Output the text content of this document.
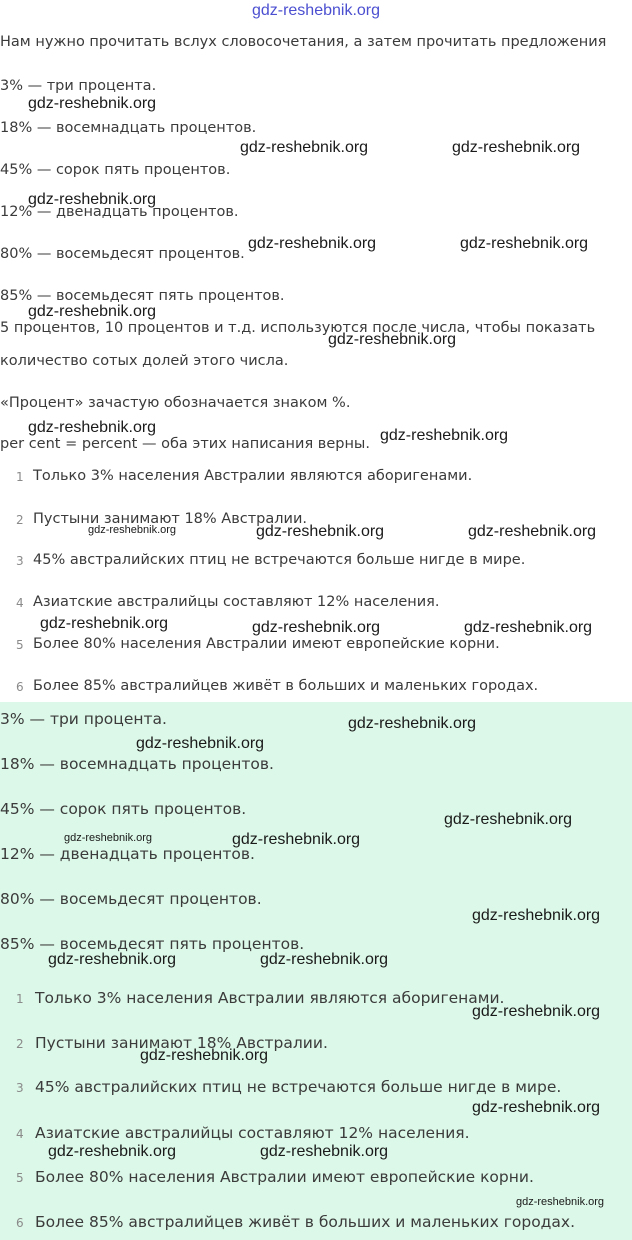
gdz-reshebnik.org
Нам нужно прочитать вслух словосочетания, а затем прочитать предложения
3% — три процента.
18% — восемнадцать процентов.
45% — сорок пять процентов.
12% — двенадцать процентов.
80% — восемьдесят процентов.
85% — восемьдесят пять процентов.
5 процентов, 10 процентов и т.д. используются после числа, чтобы показать
количество сотых долей этого числа.
«Процент» зачастую обозначается знаком %.
per cent = percent — оба этих написания верны.
1 Только 3% населения Австралии являются аборигенами.
2 Пустыни занимают 18% Австралии.
3 45% австралийских птиц не встречаются больше нигде в мире.
4 Азиатские австралийцы составляют 12% населения.
5 Более 80% населения Австралии имеют европейские корни.
6 Более 85% австралийцев живёт в больших и маленьких городах.
3% — три процента.
18% — восемнадцать процентов.
45% — сорок пять процентов.
12% — двенадцать процентов.
80% — восемьдесят процентов.
85% — восемьдесят пять процентов.
1 Только 3% населения Австралии являются аборигенами.
2 Пустыни занимают 18% Австралии.
3 45% австралийских птиц не встречаются больше нигде в мире.
4 Азиатские австралийцы составляют 12% населения.
5 Более 80% населения Австралии имеют европейские корни.
6 Более 85% австралийцев живёт в больших и маленьких городах.
gdz-reshebnik.org
gdz-reshebnik.org	gdz-reshebnik.org
gdz-reshebnik.org
gdz-reshebnik.org	gdz-reshebnik.org
gdz-reshebnik.org
gdz-reshebnik.org
gdz-reshebnik.org	gdz-reshebnik.org
gdz-reshebnik.org	gdz-reshebnik.org	gdz-reshebnik.org
gdz-reshebnik.org	gdz-reshebnik.org	gdz-reshebnik.org
gdz-reshebnik.org
gdz-reshebnik.org
gdz-reshebnik.org
gdz-reshebnik.org	gdz-reshebnik.org
gdz-reshebnik.org
gdz-reshebnik.org	gdz-reshebnik.org
gdz-reshebnik.org
gdz-reshebnik.org
gdz-reshebnik.org
gdz-reshebnik.org	gdz-reshebnik.org
gdz-reshebnik.org
